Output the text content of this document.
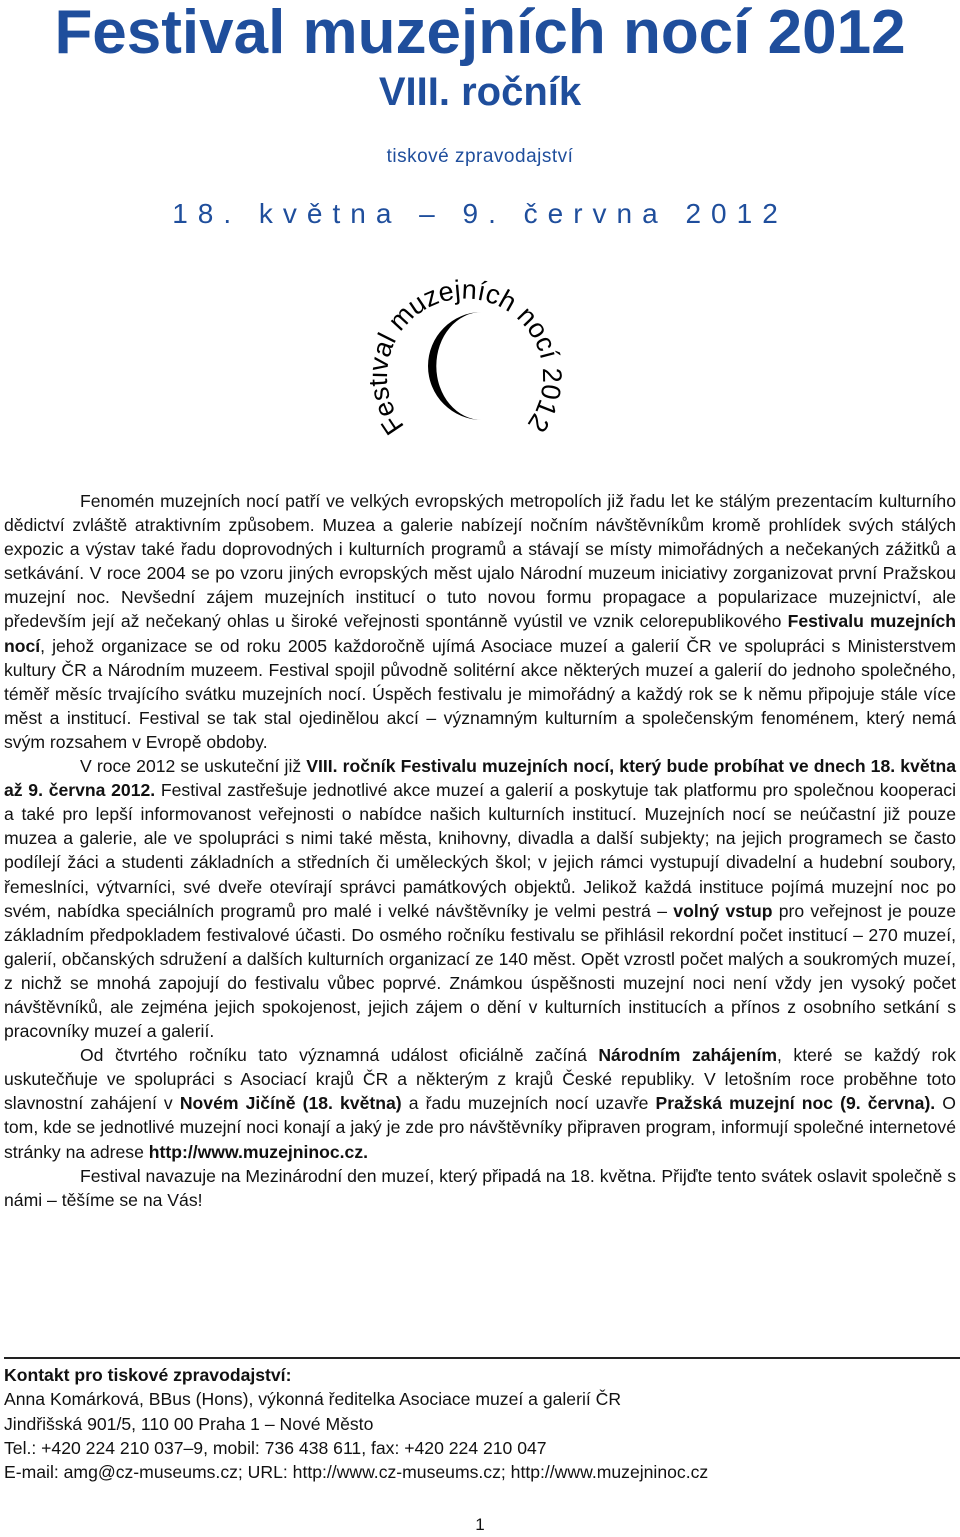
Festival muzejních nocí 2012
VIII. ročník
tiskové zpravodajství
18. května – 9. června 2012
Fe l muzejních nocí 2012

Fenomén muzejních nocí patří ve velkých evropských metropolích již řadu let ke stálým prezentacím kulturního dědictví zvláště atraktivním způsobem. Muzea a galerie nabízejí nočním návštěvníkům kromě prohlídek svých stálých expozic a výstav také řadu doprovodných i kulturních programů a stávají se místy mimořádných a nečekaných zážitků a setkávání. V roce 2004 se po vzoru jiných evropských měst ujalo Národní muzeum iniciativy zorganizovat první Pražskou muzejní noc. Nevšední zájem muzejních institucí o tuto novou formu propagace a popularizace muzejnictví, ale především její až nečekaný ohlas u široké veřejnosti spontánně vyústil ve vznik celorepublikového Festivalu muzejních nocí, jehož organizace se od roku 2005 každoročně ujímá Asociace muzeí a galerií ČR ve spolupráci s Ministerstvem kultury ČR a Národním muzeem. Festival spojil původně solitérní akce některých muzeí a galerií do jednoho společného, téměř měsíc trvajícího svátku muzejních nocí. Úspěch festivalu je mimořádný a každý rok se k němu připojuje stále více měst a institucí. Festival se tak stal ojedinělou akcí – významným kulturním a společenským fenoménem, který nemá svým rozsahem v Evropě obdoby.

V roce 2012 se uskuteční již VIII. ročník Festivalu muzejních nocí, který bude probíhat ve dnech 18. května až 9. června 2012. Festival zastřešuje jednotlivé akce muzeí a galerií a poskytuje tak platformu pro společnou kooperaci a také pro lepší informovanost veřejnosti o nabídce našich kulturních institucí. Muzejních nocí se neúčastní již pouze muzea a galerie, ale ve spolupráci s nimi také města, knihovny, divadla a další subjekty; na jejich programech se často podílejí žáci a studenti základních a středních či uměleckých škol; v jejich rámci vystupují divadelní a hudební soubory, řemeslníci, výtvarníci, své dveře otevírají správci památkových objektů. Jelikož každá instituce pojímá muzejní noc po svém, nabídka speciálních programů pro malé i velké návštěvníky je velmi pestrá – volný vstup pro veřejnost je pouze základním předpokladem festivalové účasti. Do osmého ročníku festivalu se přihlásil rekordní počet institucí – 270 muzeí, galerií, občanských sdružení a dalších kulturních organizací ze 140 měst. Opět vzrostl počet malých a soukromých muzeí, z nichž se mnohá zapojují do festivalu vůbec poprvé. Známkou úspěšnosti muzejní noci není vždy jen vysoký počet návštěvníků, ale zejména jejich spokojenost, jejich zájem o dění v kulturních institucích a přínos z osobního setkání s pracovníky muzeí a galerií.

Od čtvrtého ročníku tato významná událost oficiálně začíná Národním zahájením, které se každý rok uskutečňuje ve spolupráci s Asociací krajů ČR a některým z krajů České republiky. V letošním roce proběhne toto slavnostní zahájení v Novém Jičíně (18. května) a řadu muzejních nocí uzavře Pražská muzejní noc (9. června). O tom, kde se jednotlivé muzejní noci konají a jaký je zde pro návštěvníky připraven program, informují společné internetové stránky na adrese http://www.muzejninoc.cz.

Festival navazuje na Mezinárodní den muzeí, který připadá na 18. května. Přijďte tento svátek oslavit společně s námi – těšíme se na Vás!

Kontakt pro tiskové zpravodajství:
Anna Komárková, BBus (Hons), výkonná ředitelka Asociace muzeí a galerií ČR
Jindřišská 901/5, 110 00 Praha 1 – Nové Město
Tel.: +420 224 210 037–9, mobil: 736 438 611, fax: +420 224 210 047
E-mail: amg@cz-museums.cz; URL: http://www.cz-museums.cz; http://www.muzejninoc.cz
1
